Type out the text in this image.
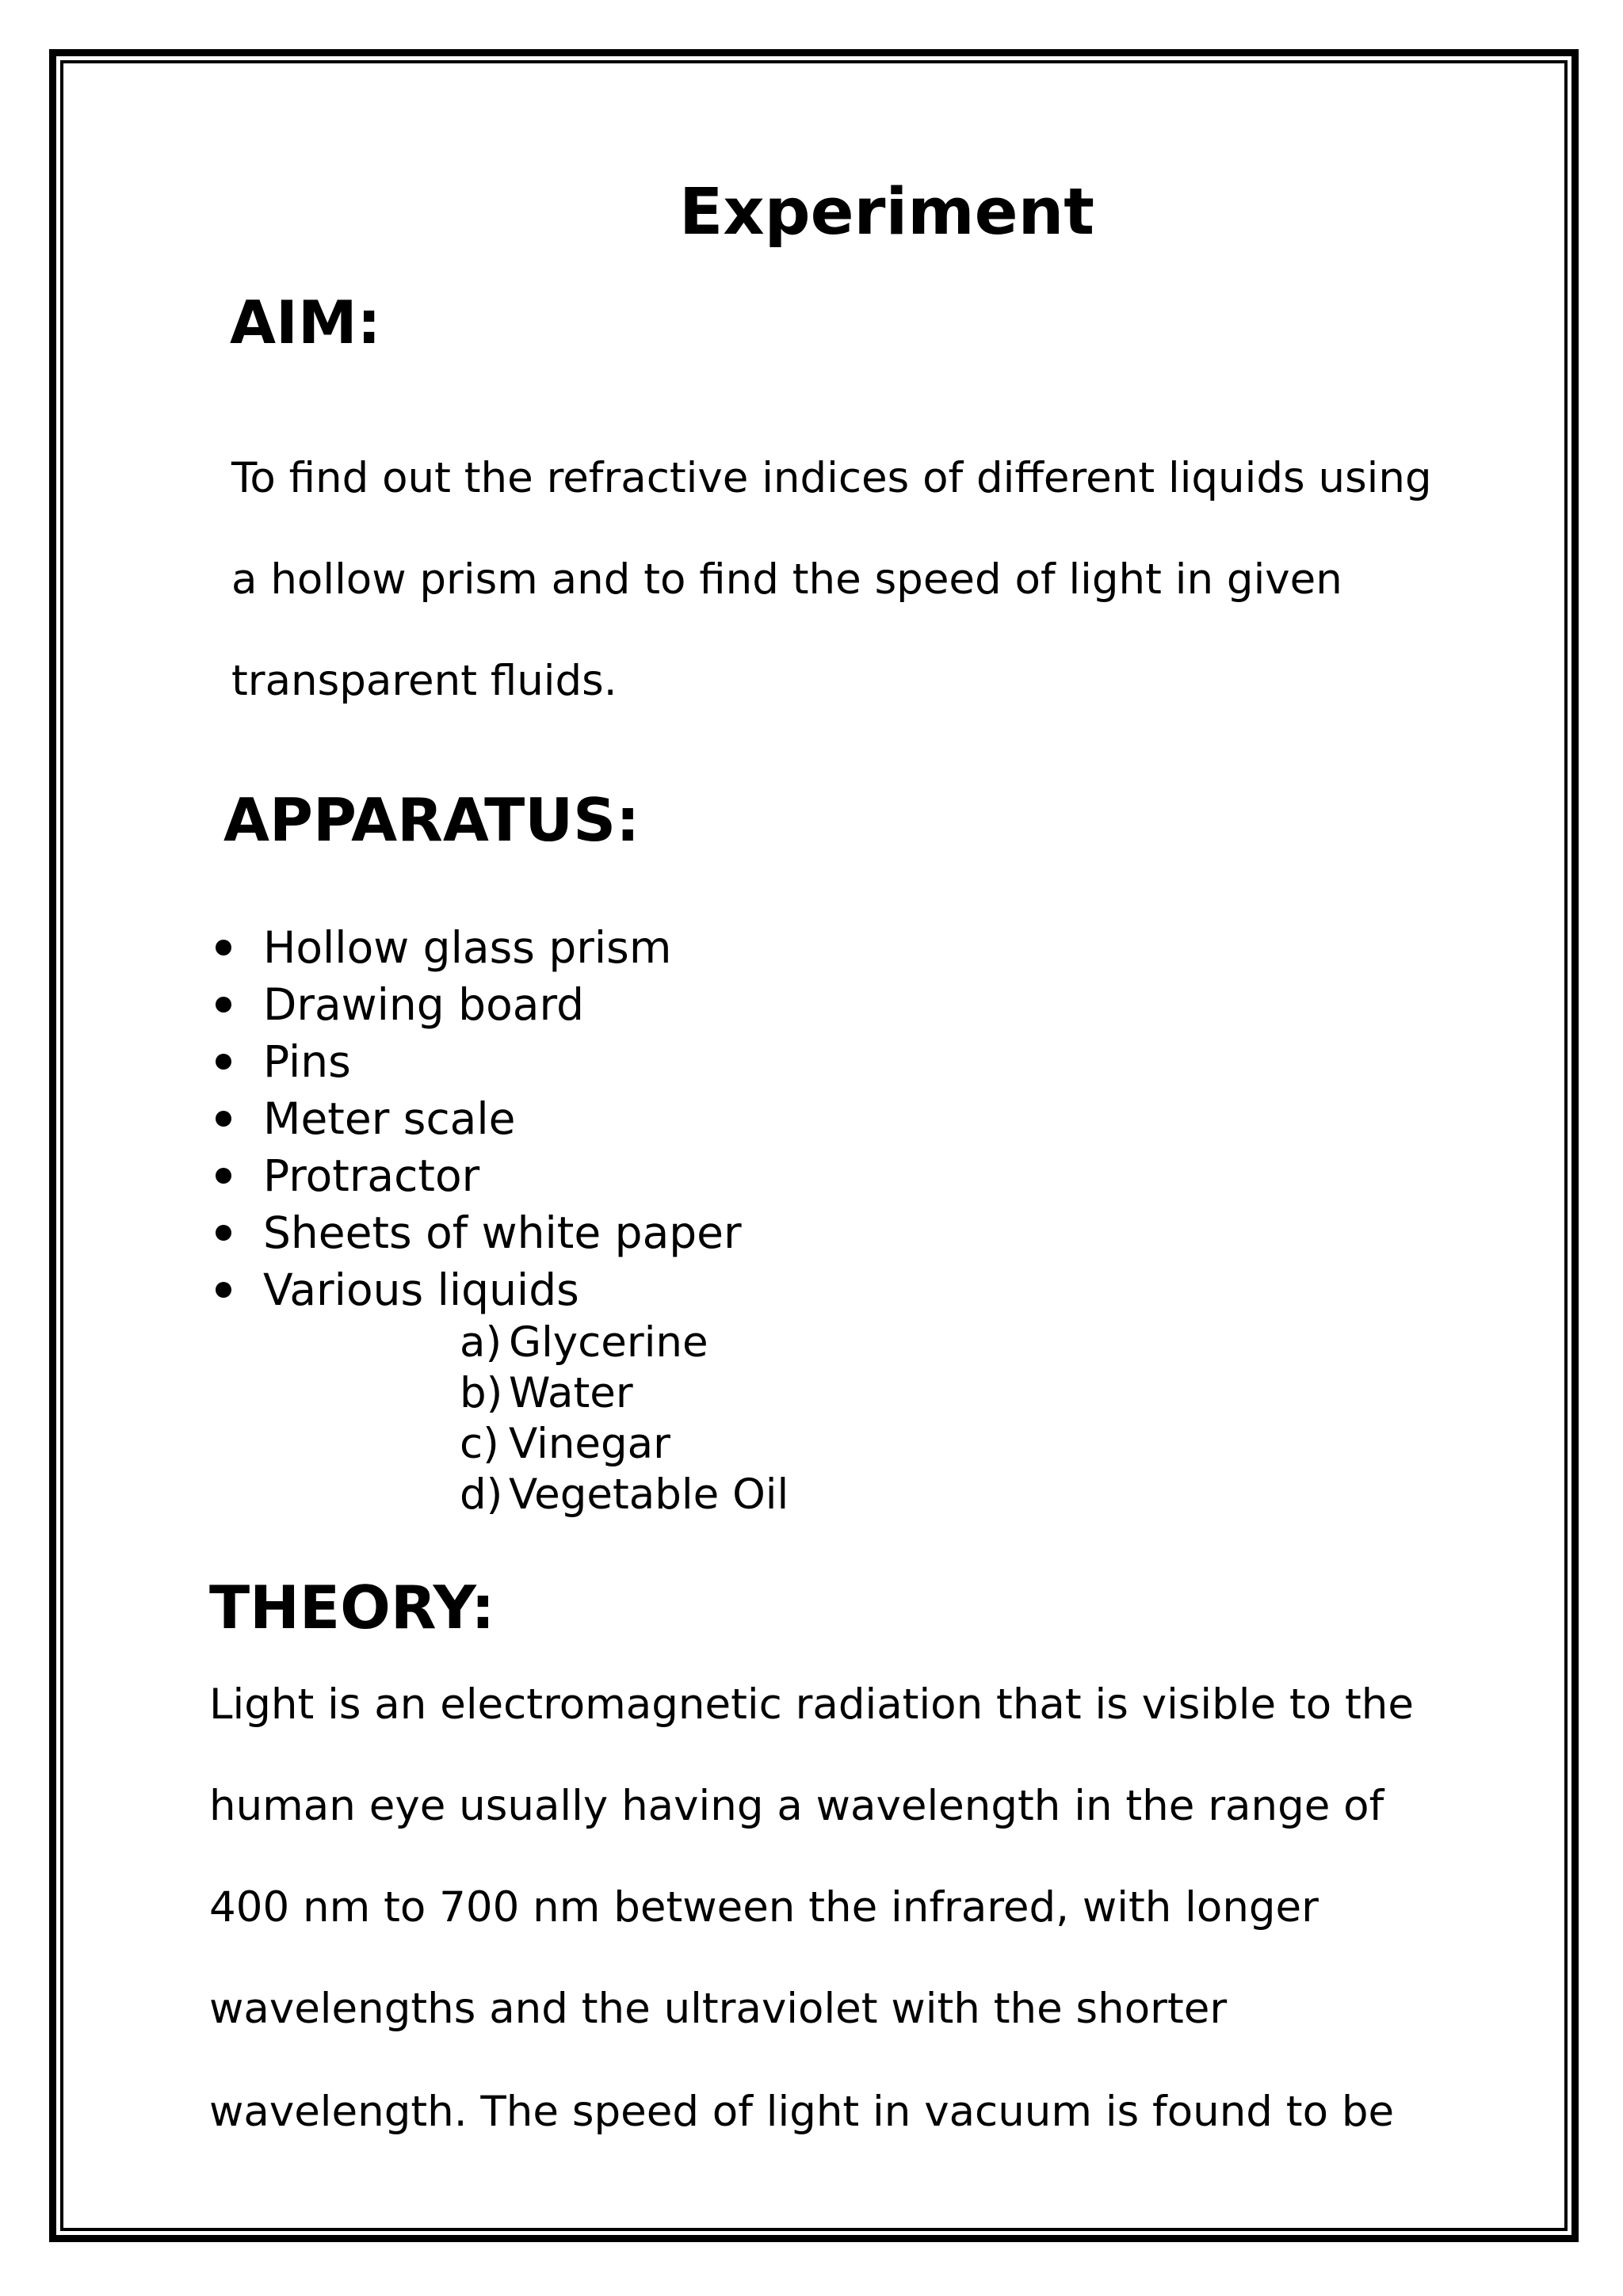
Experiment
AIM:
To find out the refractive indices of different liquids using
a hollow prism and to find the speed of light in given
transparent fluids.
APPARATUS:
Hollow glass prism
Drawing board
Pins
Meter scale
Protractor
Sheets of white paper
Various liquids
a) Glycerine
b) Water
c) Vinegar
d) Vegetable Oil
THEORY:
Light is an electromagnetic radiation that is visible to the
human eye usually having a wavelength in the range of
400 nm to 700 nm between the infrared, with longer
wavelengths and the ultraviolet with the shorter
wavelength. The speed of light in vacuum is found to be
